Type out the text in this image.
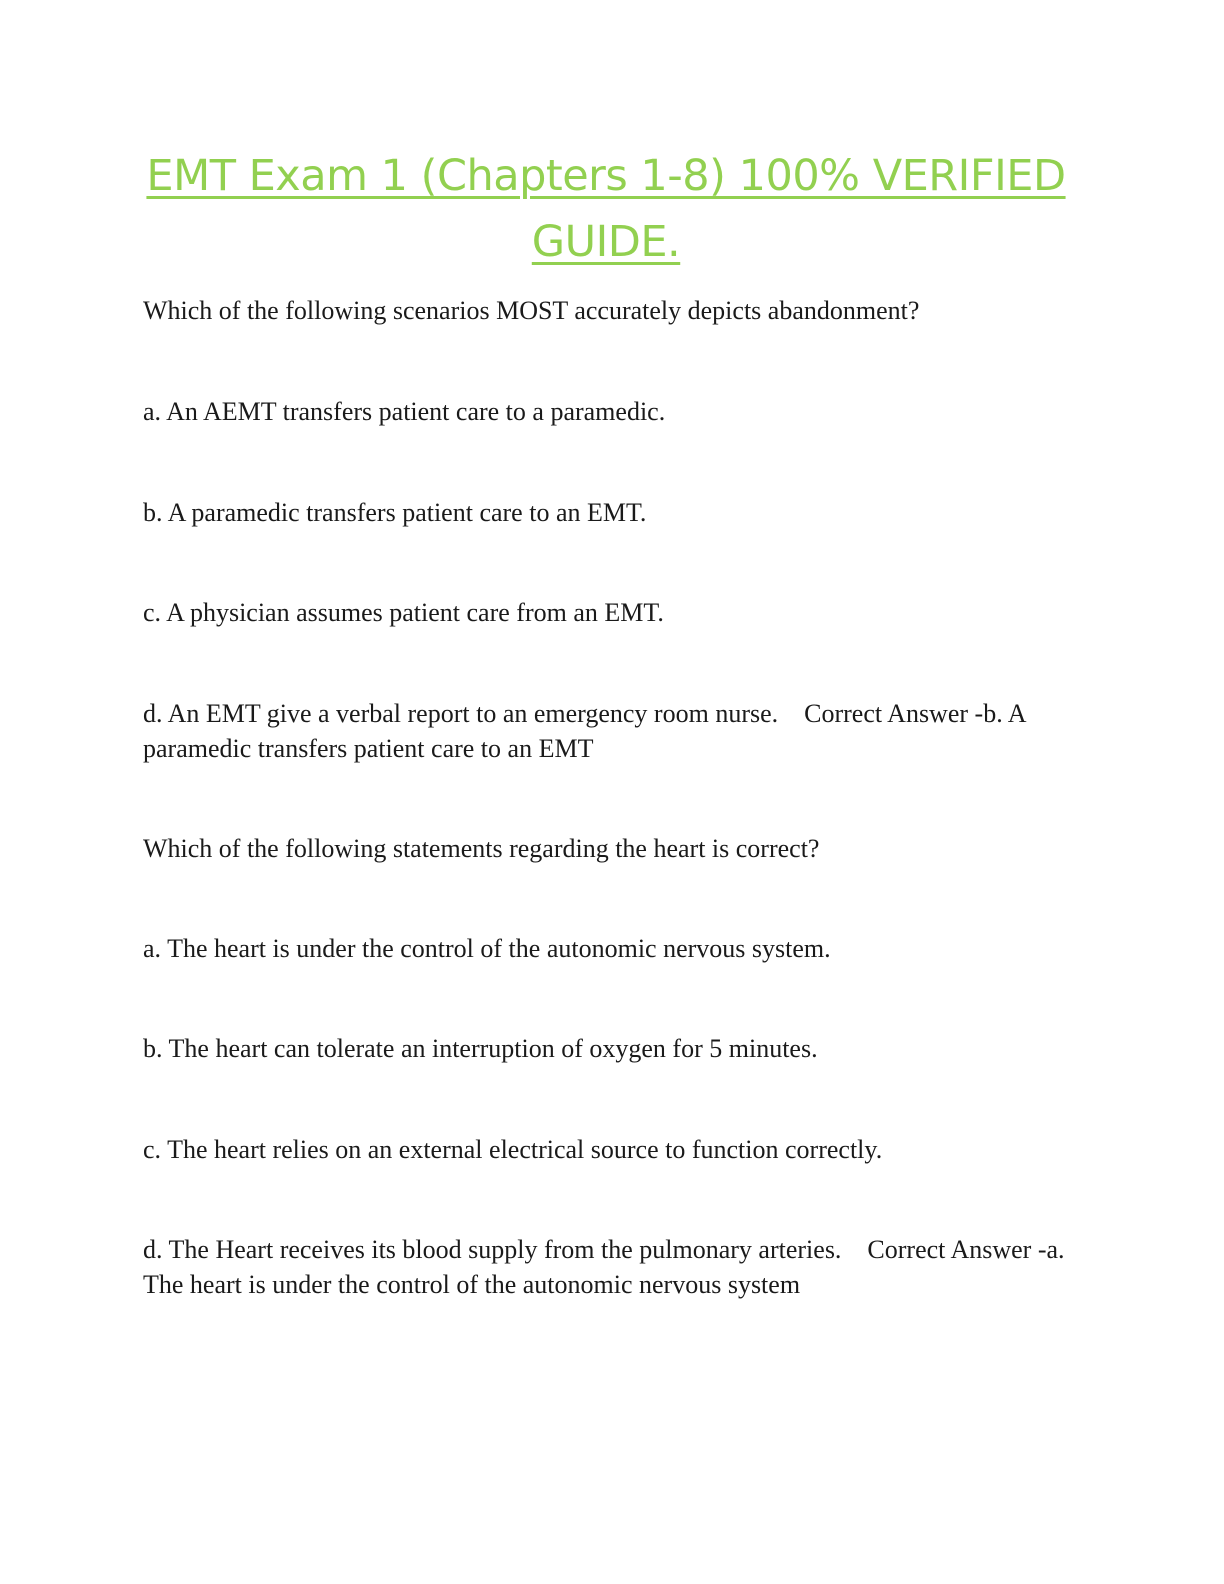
EMT Exam 1 (Chapters 1-8) 100% VERIFIED GUIDE.

Which of the following scenarios MOST accurately depicts abandonment?

a. An AEMT transfers patient care to a paramedic.

b. A paramedic transfers patient care to an EMT.

c. A physician assumes patient care from an EMT.

d. An EMT give a verbal report to an emergency room nurse.    Correct Answer -b. A paramedic transfers patient care to an EMT

Which of the following statements regarding the heart is correct?

a. The heart is under the control of the autonomic nervous system.

b. The heart can tolerate an interruption of oxygen for 5 minutes.

c. The heart relies on an external electrical source to function correctly.

d. The Heart receives its blood supply from the pulmonary arteries.    Correct Answer -a. The heart is under the control of the autonomic nervous system
